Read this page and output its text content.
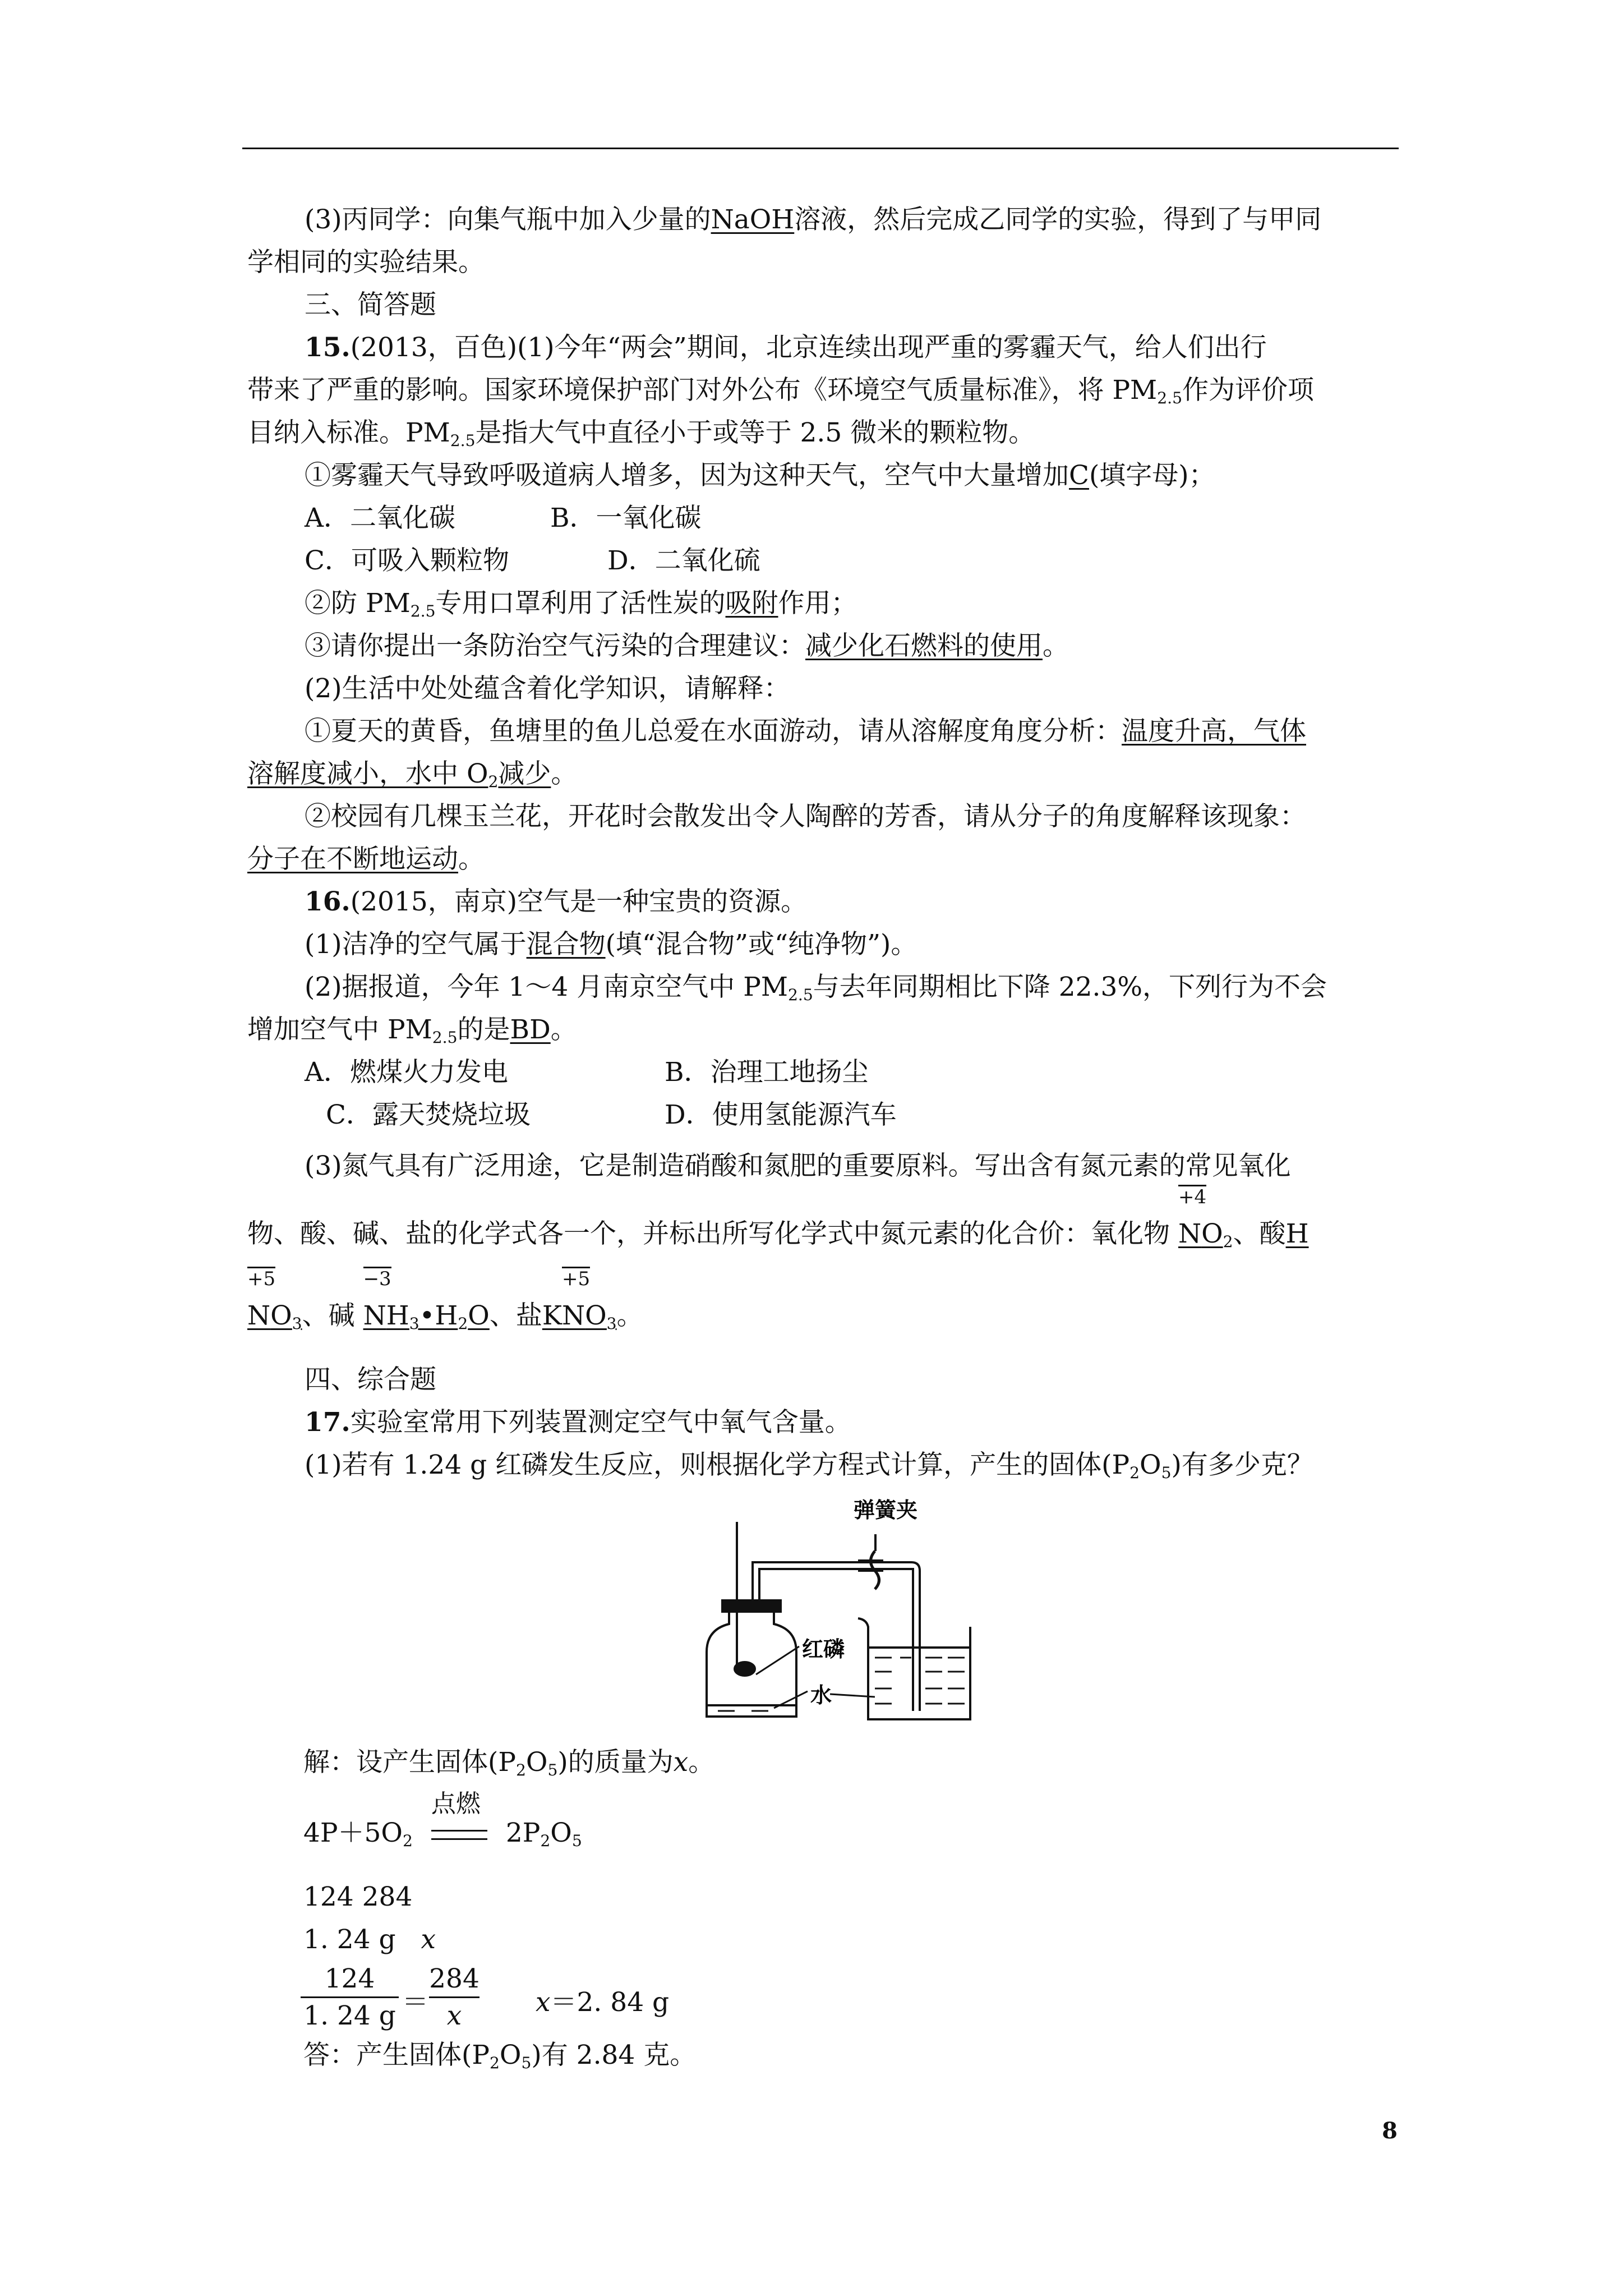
(3)丙同学：向集气瓶中加入少量的NaOH溶液，然后完成乙同学的实验，得到了与甲同
学相同的实验结果。
三、简答题
15.(2013，百色)(1)今年“两会”期间，北京连续出现严重的雾霾天气，给人们出行
带来了严重的影响。国家环境保护部门对外公布《环境空气质量标准》，将 $PM_{2.5}$作为评价项
目纳入标准。$PM_{2.5}$是指大气中直径小于或等于 2.5 微米的颗粒物。
①雾霾天气导致呼吸道病人增多，因为这种天气，空气中大量增加C(填字母)；
A．二氧化碳	B．一氧化碳
C．可吸入颗粒物	D．二氧化硫
②防 $PM_{2.5}$专用口罩利用了活性炭的吸附作用；
③请你提出一条防治空气污染的合理建议：减少化石燃料的使用。
(2)生活中处处蕴含着化学知识，请解释：
①夏天的黄昏，鱼塘里的鱼儿总爱在水面游动，请从溶解度角度分析：温度升高，气体
溶解度减小，水中 $O_2$减少。
②校园有几棵玉兰花，开花时会散发出令人陶醉的芳香，请从分子的角度解释该现象：
分子在不断地运动。
16.(2015，南京)空气是一种宝贵的资源。
(1)洁净的空气属于混合物(填“混合物”或“纯净物”)。
(2)据报道，今年 1～4 月南京空气中 $PM_{2.5}$与去年同期相比下降 22.3%，下列行为不会
增加空气中 $PM_{2.5}$的是BD。
A．燃煤火力发电	B．治理工地扬尘
C．露天焚烧垃圾	D．使用氢能源汽车
(3)氮气具有广泛用途，它是制造硝酸和氮肥的重要原料。写出含有氮元素的常见氧化
物、酸、碱、盐的化学式各一个，并标出所写化学式中氮元素的化合价：氧化物
+4
$NO_2$、酸H
+5
$NO_3$、碱
−3
$NH_3•H_2O$、盐K
+5
$NO_3$。
四、综合题
17.实验室常用下列装置测定空气中氧气含量。
(1)若有 1.24 g 红磷发生反应，则根据化学方程式计算，产生的固体$(P_2O_5)$有多少克？
弹簧夹
红磷
水
解：设产生固体$(P_2O_5)$的质量为x。
$4P+5O_2$
点燃
$2P_2O_5$
124 284
1. 24 g x
$\frac{124}{1. 24 g} = \frac{284}{x} x=2$. 84 g
答：产生固体$(P_2O_5)$有 2.84 克。
8
